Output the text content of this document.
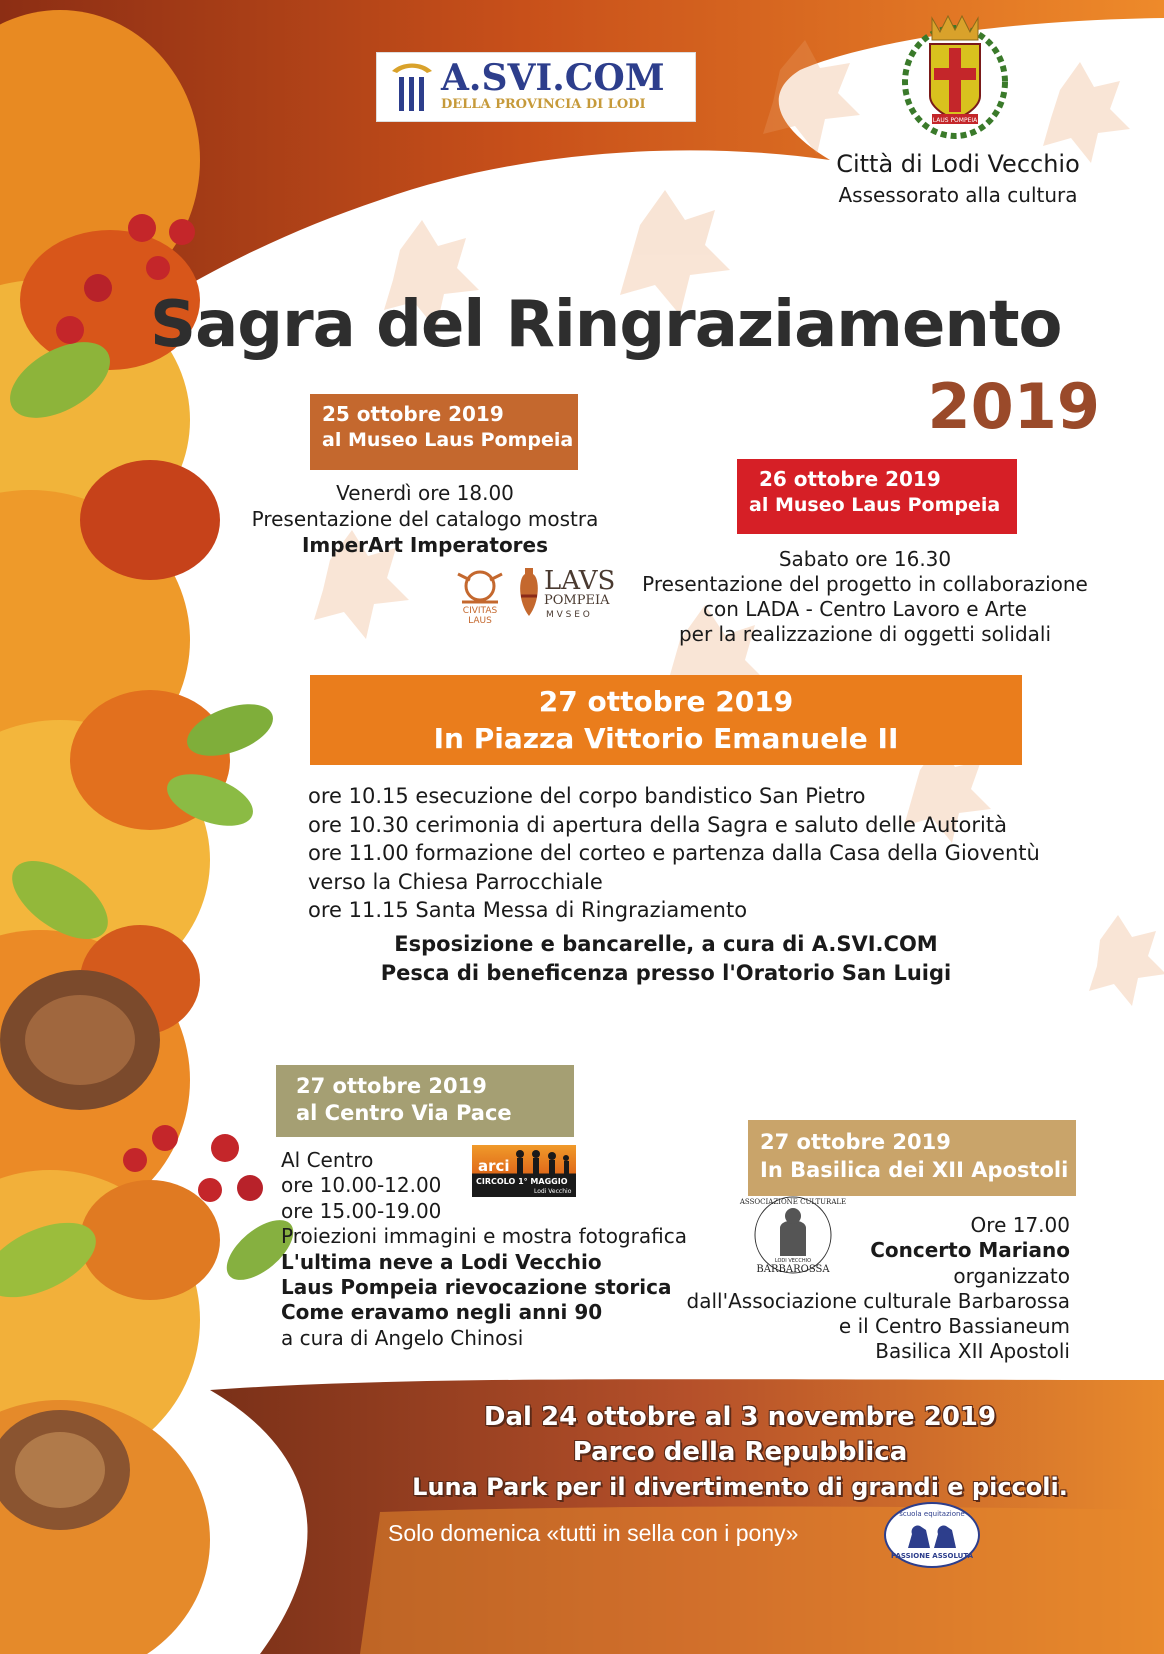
A.SVI.COM
DELLA PROVINCIA DI LODI
LAUS POMPEIA
Città di Lodi Vecchio
Assessorato alla cultura
Sagra del Ringraziamento
2019
25 ottobre 2019
al Museo Laus Pompeia
Venerdì ore 18.00
Presentazione del catalogo mostra
ImperArt Imperatores
CIVITAS LAUS
LAVS
POMPEIA
M V S E O
26 ottobre 2019
al Museo Laus Pompeia
Sabato ore 16.30
Presentazione del progetto in collaborazione
con LADA - Centro Lavoro e Arte
per la realizzazione di oggetti solidali
27 ottobre 2019
In Piazza Vittorio Emanuele II
ore 10.15 esecuzione del corpo bandistico San Pietro
ore 10.30 cerimonia di apertura della Sagra e saluto delle Autorità
ore 11.00 formazione del corteo e partenza dalla Casa della Gioventù
verso la Chiesa Parrocchiale
ore 11.15 Santa Messa di Ringraziamento
Esposizione e bancarelle, a cura di A.SVI.COM
Pesca di beneficenza presso l'Oratorio San Luigi
27 ottobre 2019
al Centro Via Pace
Al Centro
ore 10.00-12.00
ore 15.00-19.00
Proiezioni immagini e mostra fotografica
L'ultima neve a Lodi Vecchio
Laus Pompeia rievocazione storica
Come eravamo negli anni 90
a cura di Angelo Chinosi
arci
CIRCOLO 1° MAGGIO
Lodi Vecchio
27 ottobre 2019
In Basilica dei XII Apostoli
ASSOCIAZIONE CULTURALE
LODI VECCHIO
BARBAROSSA
Ore 17.00
Concerto Mariano
organizzato
dall'Associazione culturale Barbarossa
e il Centro Bassianeum
Basilica XII Apostoli
Dal 24 ottobre al 3 novembre 2019
Parco della Repubblica
Luna Park per il divertimento di grandi e piccoli.
Solo domenica «tutti in sella con i pony»
scuola equitazione
PASSIONE ASSOLUTA
